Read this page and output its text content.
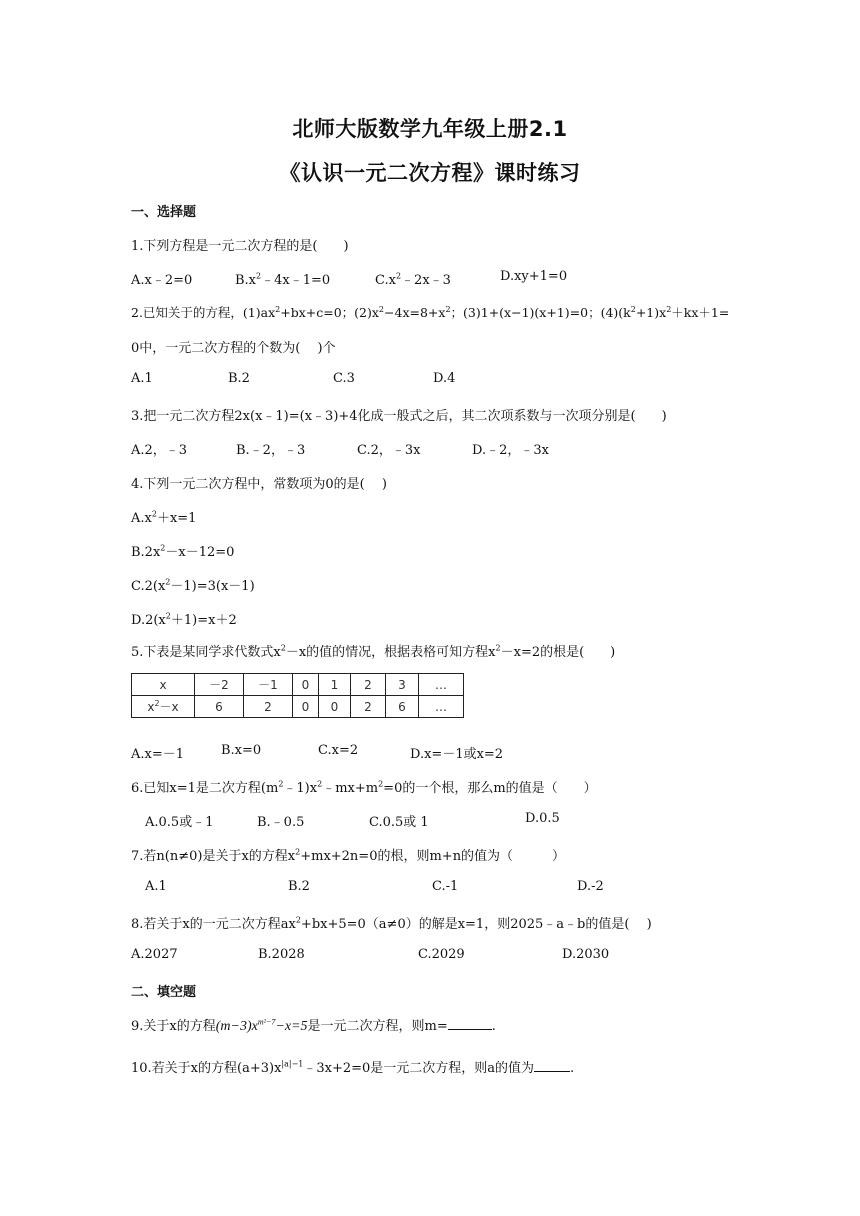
北师大版数学九年级上册2.1
《认识一元二次方程》课时练习
一、选择题
1.下列方程是一元二次方程的是(　　)
A.x﹣2=0	$B.x^2﹣4x﹣1=0$	$C.x^2﹣2x﹣3$	D.xy+1=0
2.已知关于的方程，$(1)ax^2+bx+c=0$；$(2)x^2-4x=8+x^2$；(3)1+(x−1)(x+1)=0；$(4)(k^2+1)x^2+kx+1=$
0中，一元二次方程的个数为(　 )个
A.1	B.2	C.3	D.4
3.把一元二次方程2x(x﹣1)=(x﹣3)+4化成一般式之后，其二次项系数与一次项分别是(　　)
A.2，﹣3	B.﹣2，﹣3	C.2，﹣3x	D.﹣2，﹣3x
4.下列一元二次方程中，常数项为0的是(　 )
$A.x^2+x=1$
$B.2x^2-x-12=0$
$C.2(x^2-1)=3(x-1)$
$D.2(x^2+1)=x+2$
5.下表是某同学求代数式$x^2-x$的值的情况，根据表格可知方程$x^2-x=2$的根是(　　)
x	－2	－1	0	1	2	3	…
$x^2-x$	6	2	0	0	2	6	…
A.x=－1	B.x=0	C.x=2	D.x=－1或x=2
6.已知x=1是二次方程$(m^2﹣1)x^2﹣mx+m^2=0$的一个根，那么m的值是（　　）
A.0.5或﹣1	B.﹣0.5	C.0.5或 1	D.0.5
7.若n(n≠0)是关于x的方程$x^2+mx+2n=0$的根，则m+n的值为（　　　）
A.1	B.2	C.-1	D.-2
8.若关于x的一元二次方程$ax^2+bx+5=0(a\ne 0)$的解是x=1，则2025﹣a﹣b的值是(　 )
A.2027	B.2028	C.2029	D.2030
二、填空题
9.关于x的方程$(m-3)x^{m^2-7}-x=5$是一元二次方程，则m=	.
10.若关于x的方程$(a+3)x^{|a|-1}﹣3x+2=0$是一元二次方程，则a的值为	.
